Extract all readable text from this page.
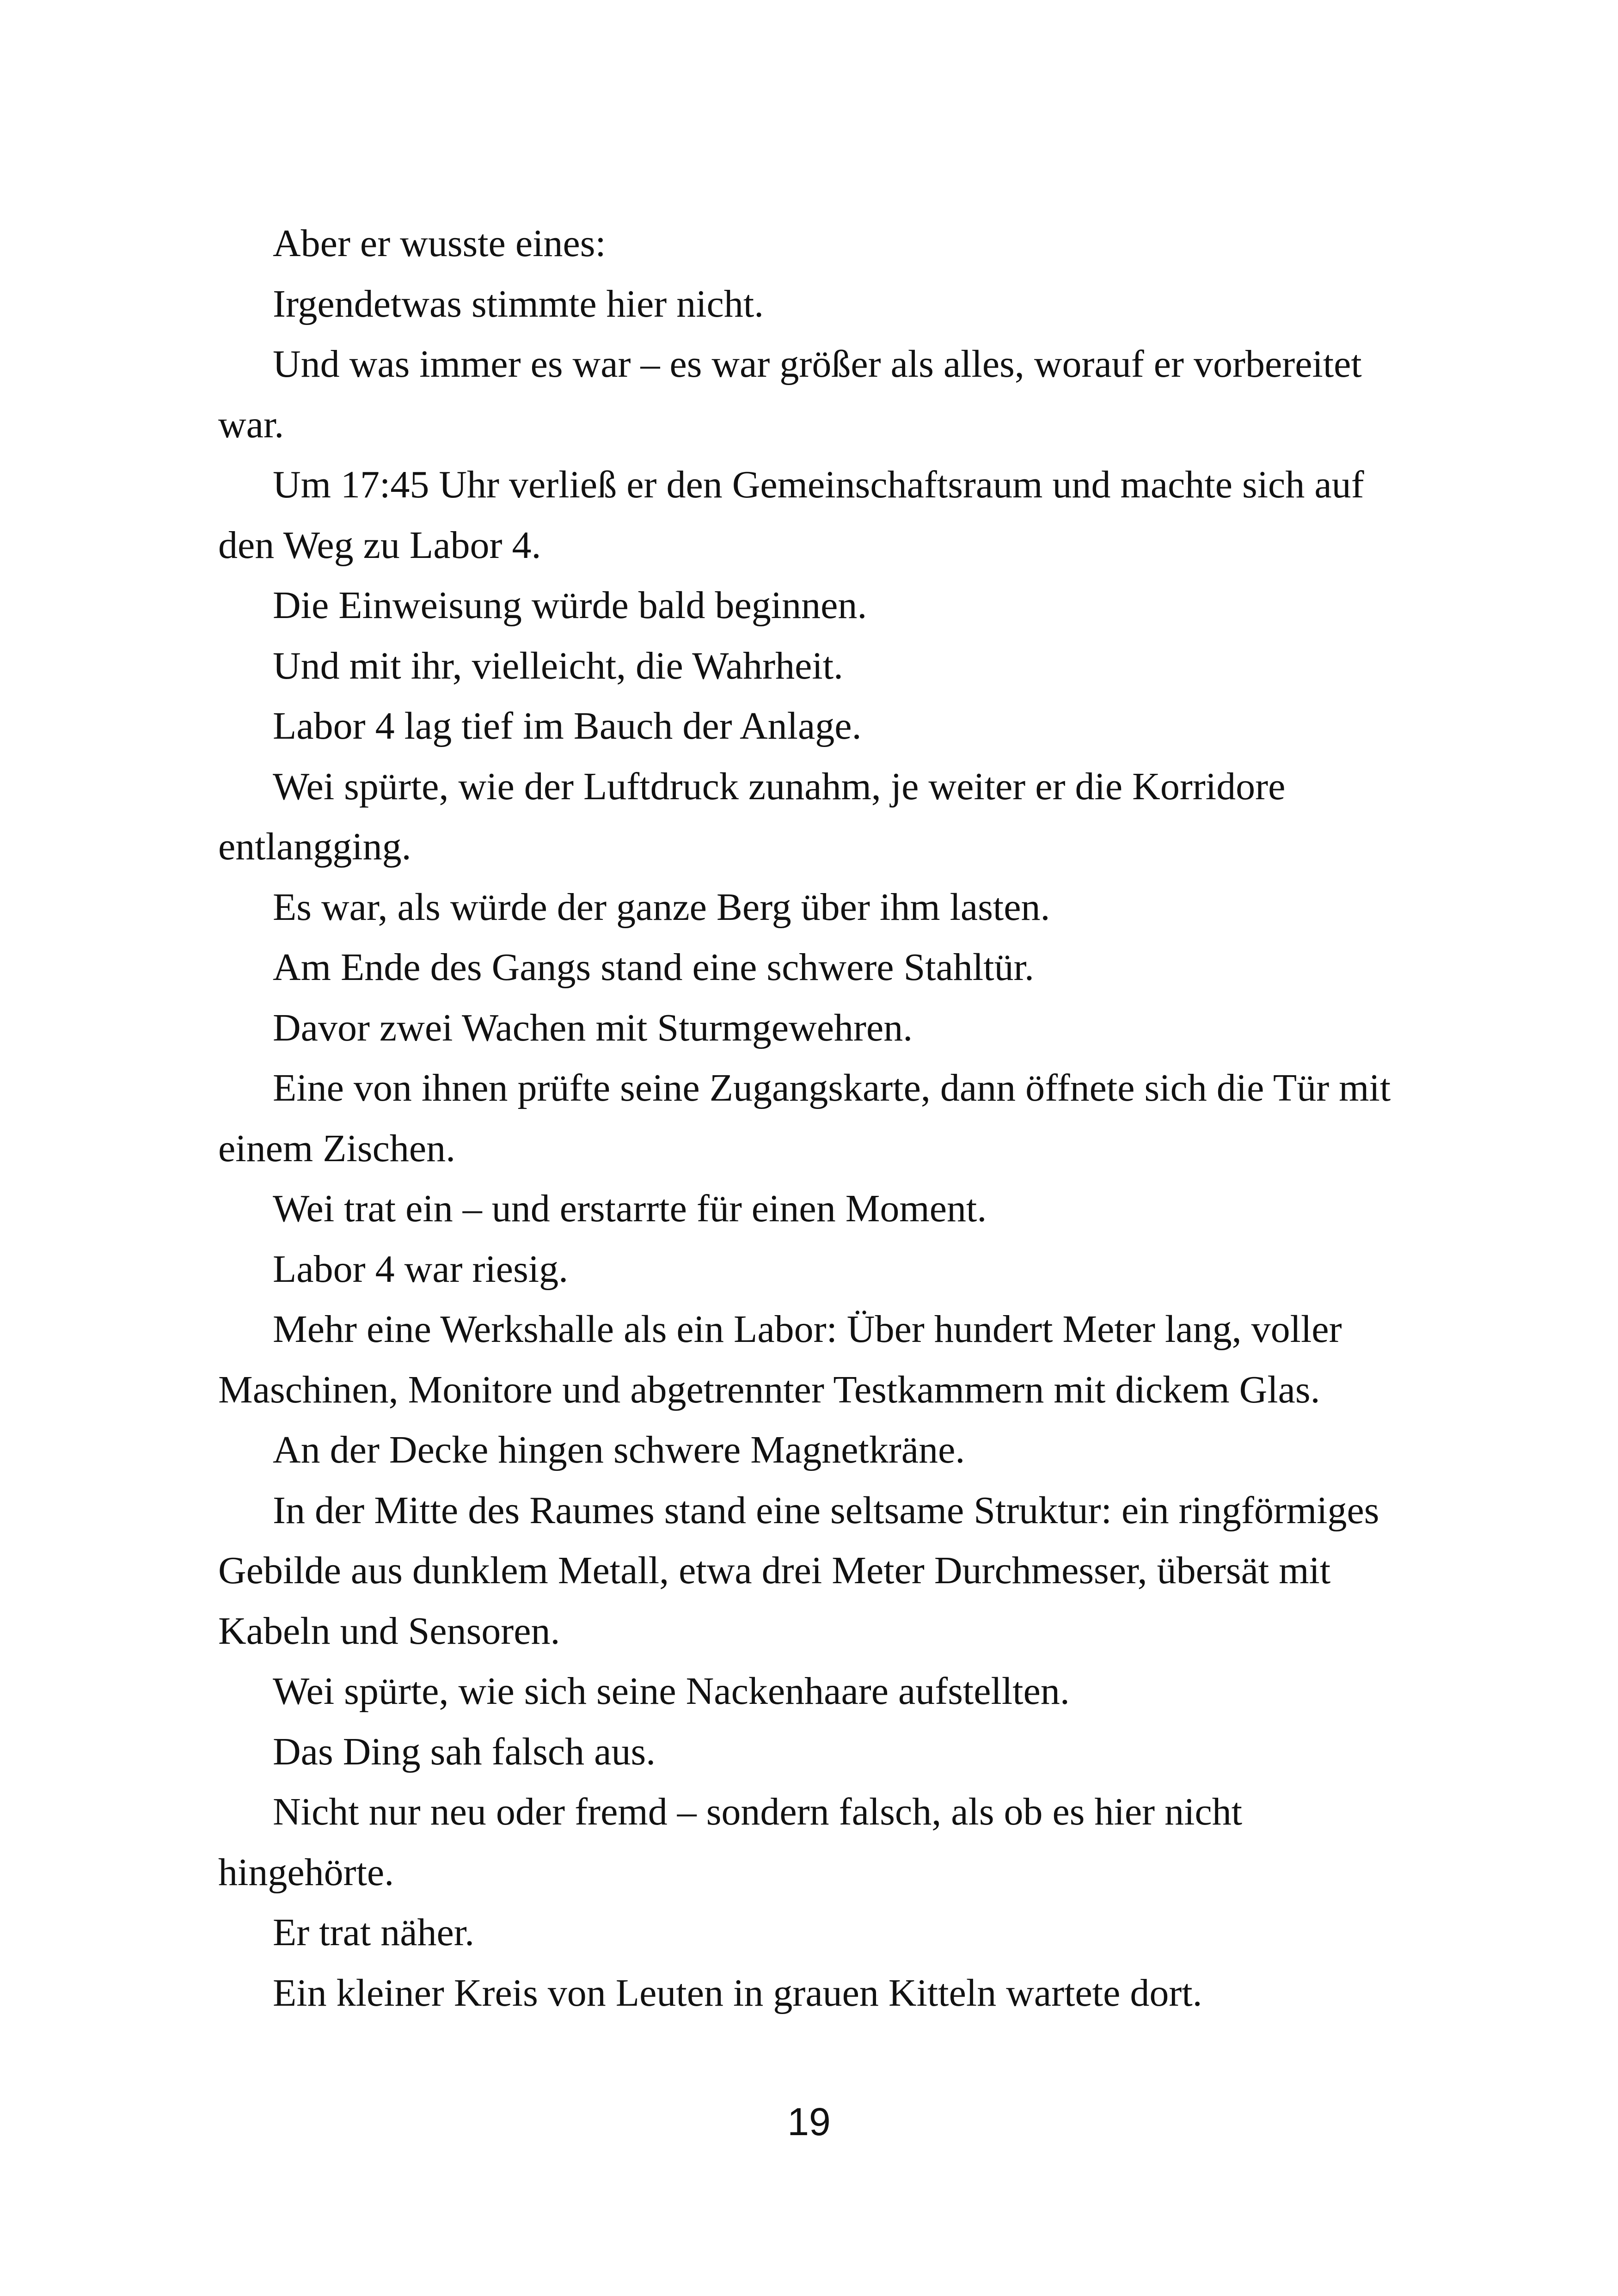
Aber er wusste eines:

Irgendetwas stimmte hier nicht.

Und was immer es war – es war größer als alles, worauf er vorbereitet war.

Um 17:45 Uhr verließ er den Gemeinschaftsraum und machte sich auf den Weg zu Labor 4.

Die Einweisung würde bald beginnen.

Und mit ihr, vielleicht, die Wahrheit.

Labor 4 lag tief im Bauch der Anlage.

Wei spürte, wie der Luftdruck zunahm, je weiter er die Korridore entlangging.

Es war, als würde der ganze Berg über ihm lasten.

Am Ende des Gangs stand eine schwere Stahltür.

Davor zwei Wachen mit Sturmgewehren.

Eine von ihnen prüfte seine Zugangskarte, dann öffnete sich die Tür mit einem Zischen.

Wei trat ein – und erstarrte für einen Moment.

Labor 4 war riesig.

Mehr eine Werkshalle als ein Labor: Über hundert Meter lang, voller Maschinen, Monitore und abgetrennter Testkammern mit dickem Glas.

An der Decke hingen schwere Magnetkräne.

In der Mitte des Raumes stand eine seltsame Struktur: ein ringförmiges Gebilde aus dunklem Metall, etwa drei Meter Durchmesser, übersät mit Kabeln und Sensoren.

Wei spürte, wie sich seine Nackenhaare aufstellten.

Das Ding sah falsch aus.

Nicht nur neu oder fremd – sondern falsch, als ob es hier nicht hingehörte.

Er trat näher.

Ein kleiner Kreis von Leuten in grauen Kitteln wartete dort.

19
